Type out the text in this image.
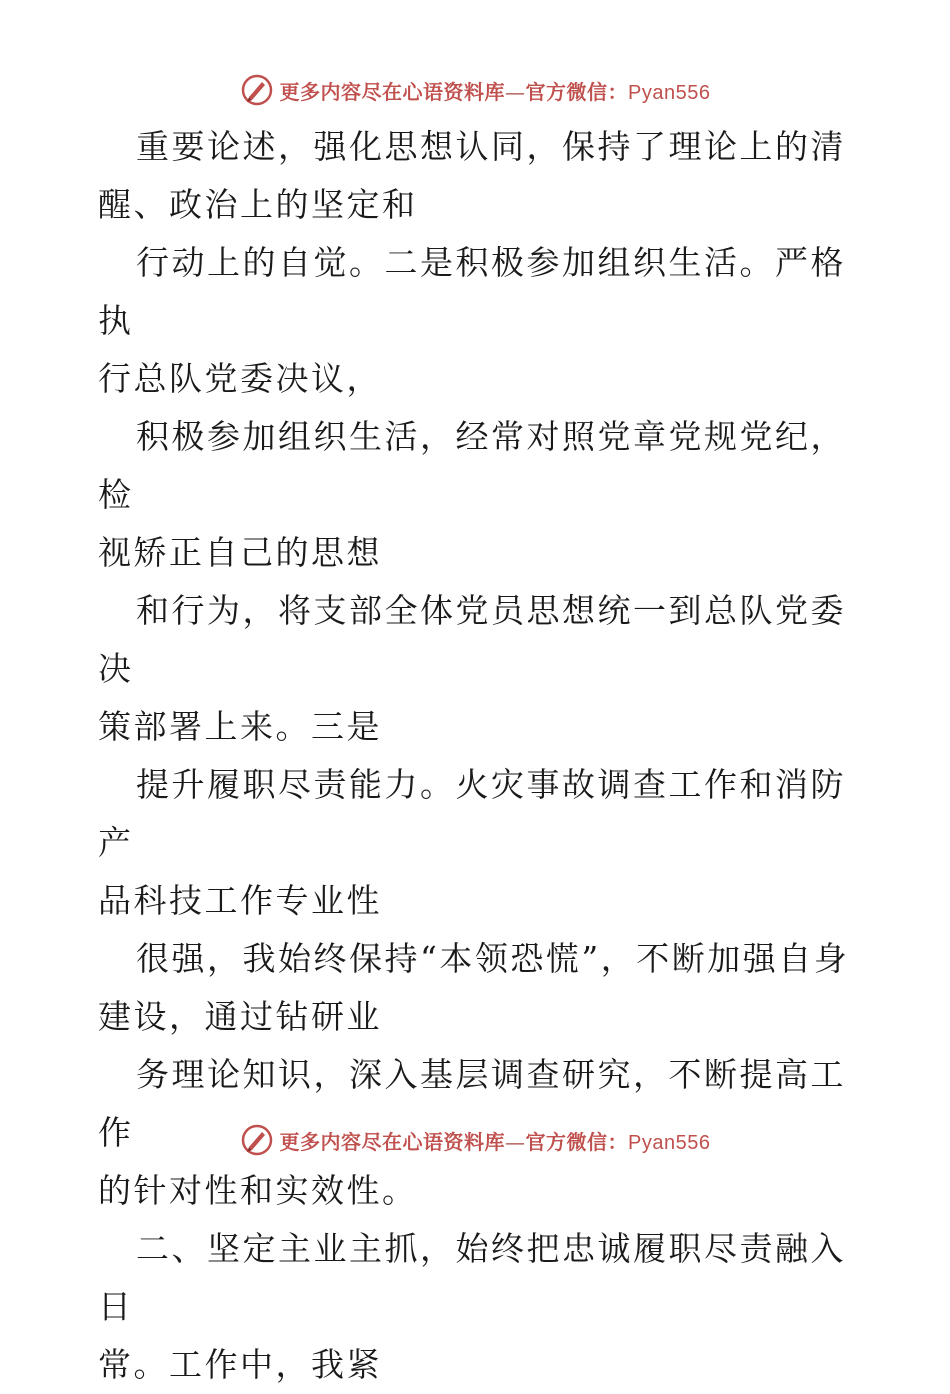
更多内容尽在心语资料库—官方微信：Pyan556

重要论述，强化思想认同，保持了理论上的清
醒、政治上的坚定和

行动上的自觉。二是积极参加组织生活。严格执
行总队党委决议，

积极参加组织生活，经常对照党章党规党纪，检
视矫正自己的思想

和行为，将支部全体党员思想统一到总队党委决
策部署上来。三是

提升履职尽责能力。火灾事故调查工作和消防产
品科技工作专业性

很强，我始终保持“本领恐慌”，不断加强自身
建设，通过钻研业

务理论知识，深入基层调查研究，不断提高工作
的针对性和实效性。

二、坚定主业主抓，始终把忠诚履职尽责融入日
常。工作中，我紧

更多内容尽在心语资料库—官方微信：Pyan556
